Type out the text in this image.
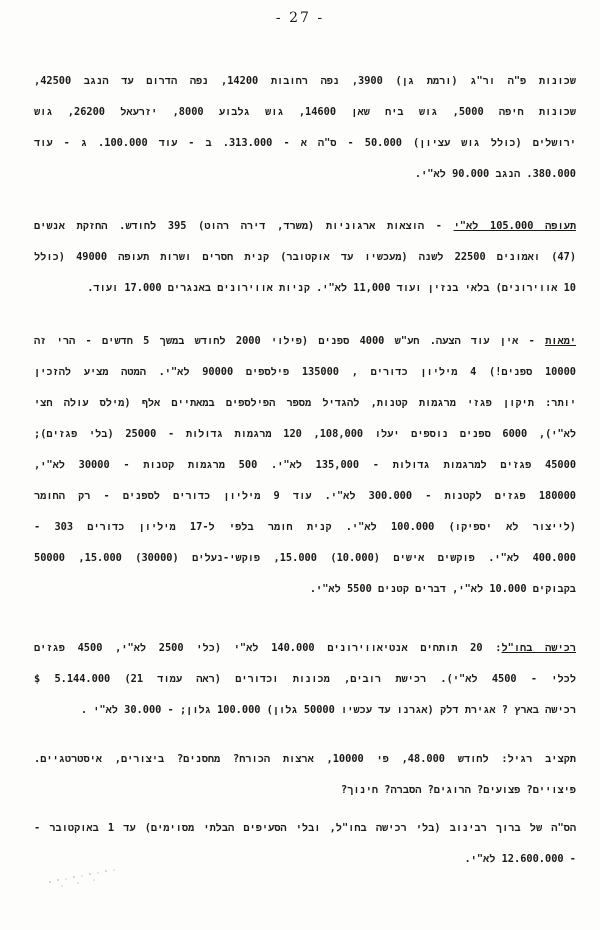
- 27 -
שכונות פ"ה ור"ג (ורמת גן) 3900, נפה רחובות 14200, נפה הדרום עד הנגב 42500,
שכונות חיפה 5000, גוש ביח שאן 14600, גוש גלבוע 8000, יזרעאל 26200, גוש
ירושלים (כולל גוש עציון) 50.000 - ס"ה א - 313.000. ב - עוד 100.000. ג - עוד
380.000. הנגב 90.000 לא"י.
תעופה 105.000 לא"י - הוצאות ארגוניות (משרד, דירה רהוט) 395 לחודש. החזקת אנשים
(47) ואמונים 22500 לשנה (מעכשיו עד אוקטובר) קנית חסרים ושרות תעופה 49000 (כולל
10 אווירונים) בלאי בנזין ועוד 11,000 לא"י. קניות אווירונים באנגרים 17.000 ועוד.
ימאות - אין עוד הצעה. חע"ש 4000 ספנים (פילוי 2000 לחודש במשך 5 חדשים - הרי זה
10000 ספנים!) 4 מיליון כדורים , 135000 פילספים 90000 לא"י. המטה מציע להזכין
יותר: תיקון פגזי מרגמות קטנות, להגדיל מספר הפילספים במאתיים אלף (מילס עולה חצי
לא"י), 6000 ספנים נוספים יעלו 108,000, 120 מרגמות גדולות - 25000 (בלי פגזים);
45000 פגזים למרגמות גדולות - 135,000 לא"י. 500 מרגמות קטנות - 30000 לא"י,
180000 פגזים לקטנות - 300.000 לא"י. עוד 9 מיליון כדורים לספנים - רק החומר
(לייצור לא יספיקו) 100.000 לא"י. קנית חומר בלפי ל-17 מיליון כדורים 303 -
400.000 לא"י. פוקשים אישים (10.000) 15.000, פוקשי-נעלים (30000) 15.000, 50000
בקבוקים 10.000 לא"י, דברים קטנים 5500 לא"י.
רכישה בחו"ל: 20 תותחים אנטיאווירונים 140.000 לא"י (כלי 2500 לא"י, 4500 פגזים
לכלי - 4500 לא"י). רכישת רובים, מכונות וכדורים (ראה עמוד 21) 5.144.000 $
רכישה בארץ ? אגירת דלק (אגרנו עד עכשיו 50000 גלון) 100.000 גלון; - 30.000 לא"י .
תקציב רגיל: לחודש 48.000, פי 10000, ארצות הכורח? מחסנים? ביצורים, איסטרטגיים.
פיצויים? פצועים? הרוגים? הסברה? חינוך?
הס"ה של ברוך רבינוב (בלי רכישה בחו"ל, ובלי הסעיפים הבלתי מסוימים) עד 1 באוקטובר -
- 12.600.000 לא"י.
